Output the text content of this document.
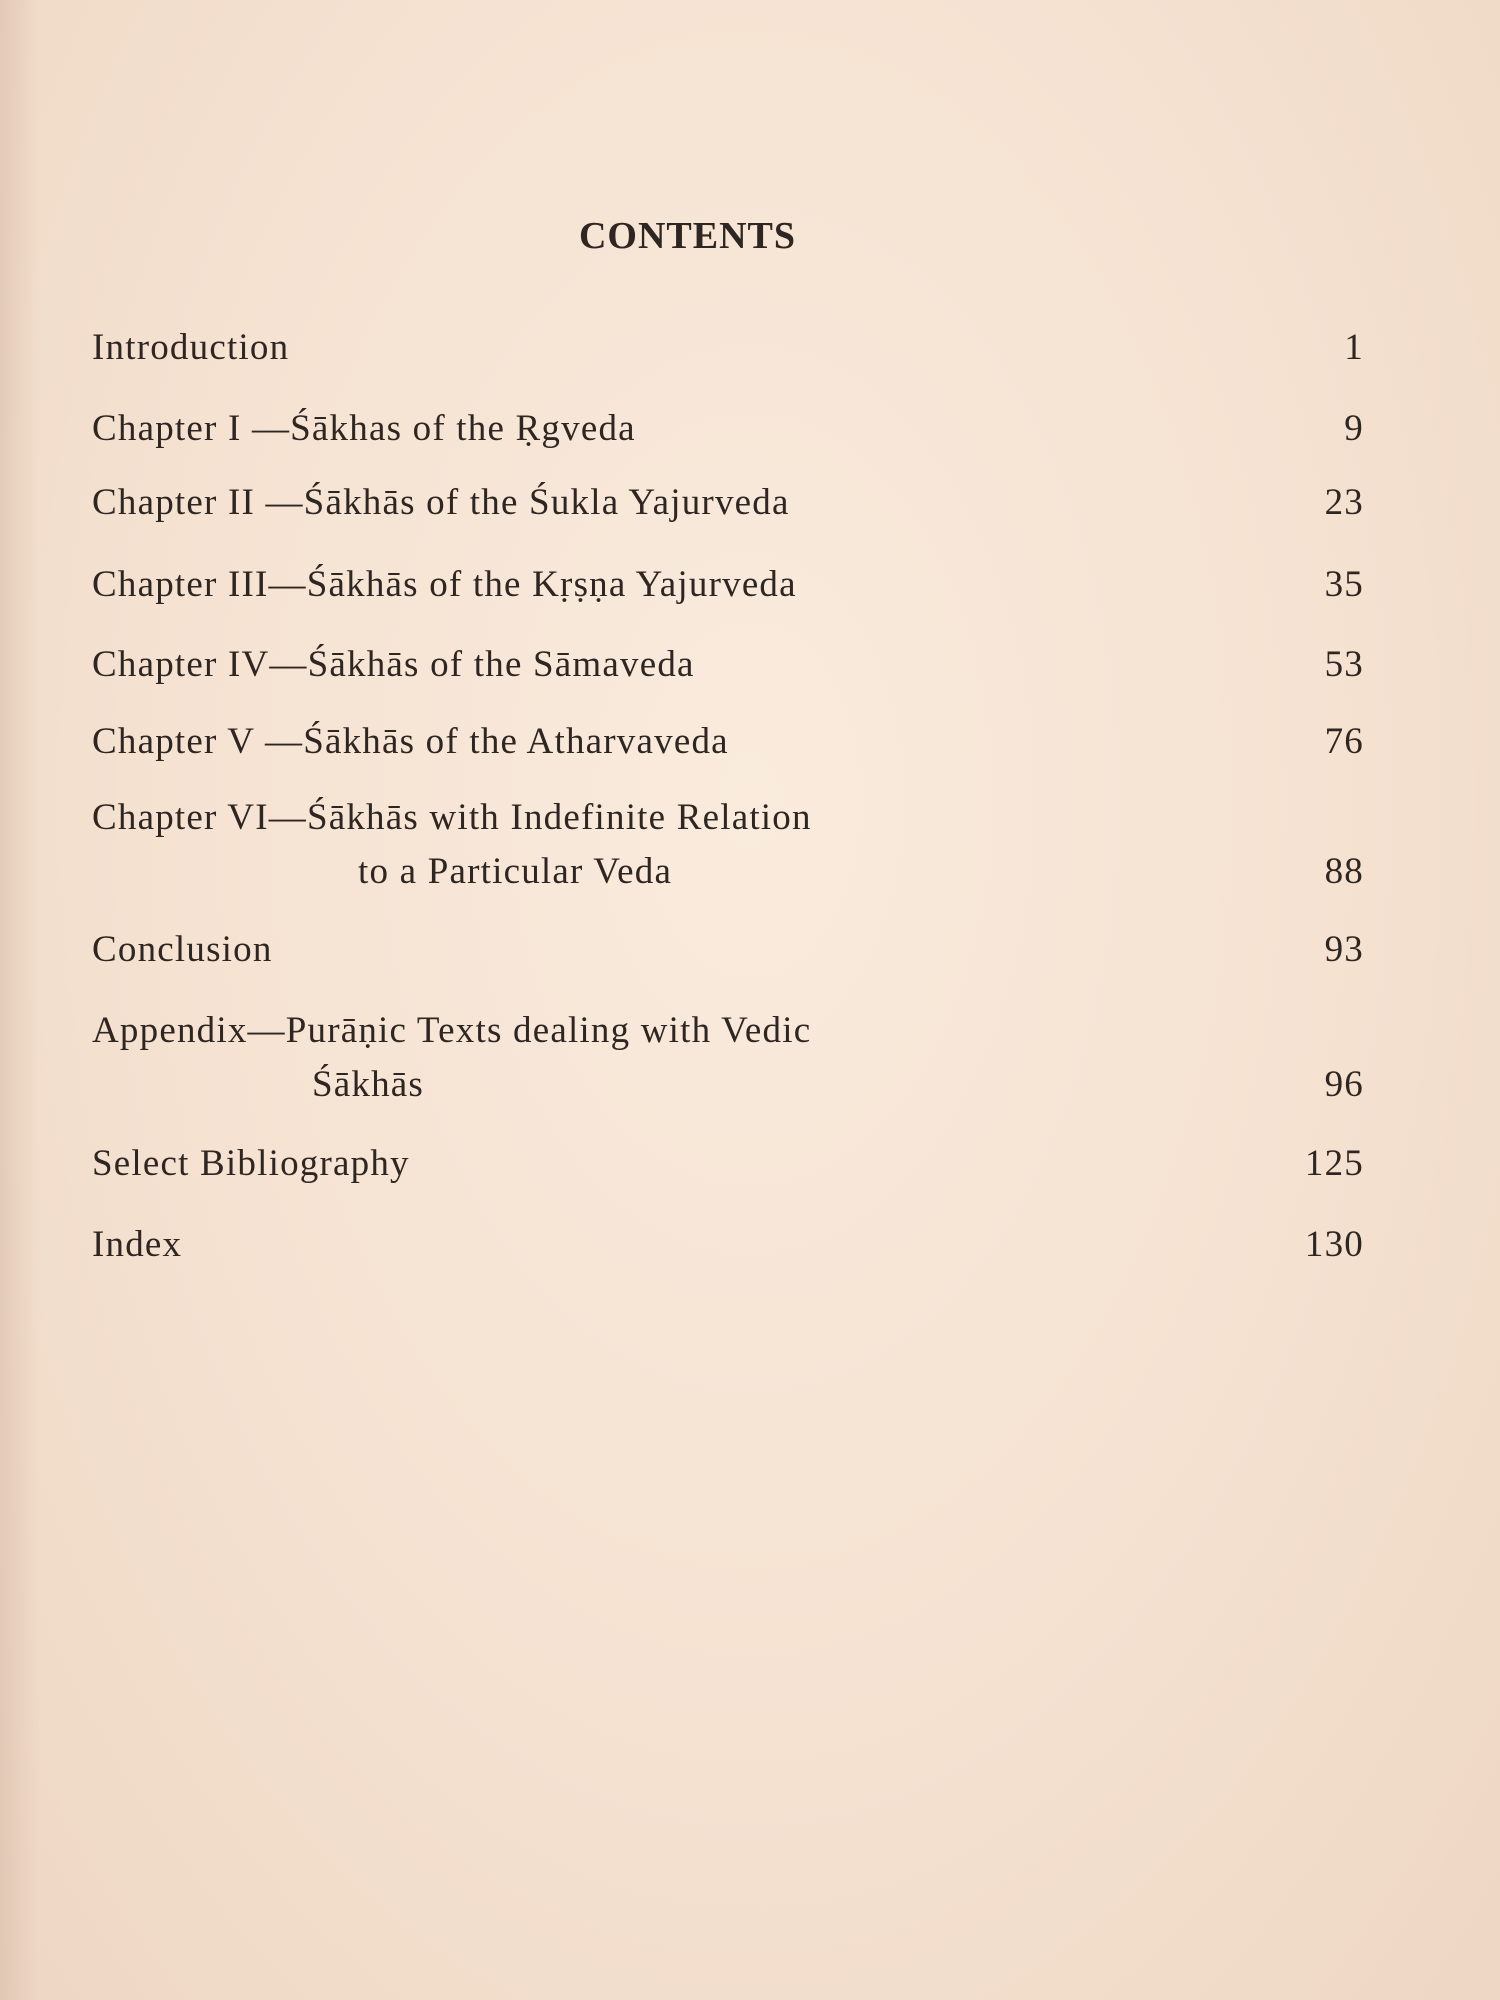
CONTENTS
Introduction	1
Chapter I —Śākhas of the Ṛgveda	9
Chapter II —Śākhās of the Śukla Yajurveda	23
Chapter III—Śākhās of the Kṛṣṇa Yajurveda	35
Chapter IV—Śākhās of the Sāmaveda	53
Chapter V —Śākhās of the Atharvaveda	76
Chapter VI—Śākhās with Indefinite Relation
to a Particular Veda	88
Conclusion	93
Appendix—Purāṇic Texts dealing with Vedic
Śākhās	96
Select Bibliography	125
Index	130
